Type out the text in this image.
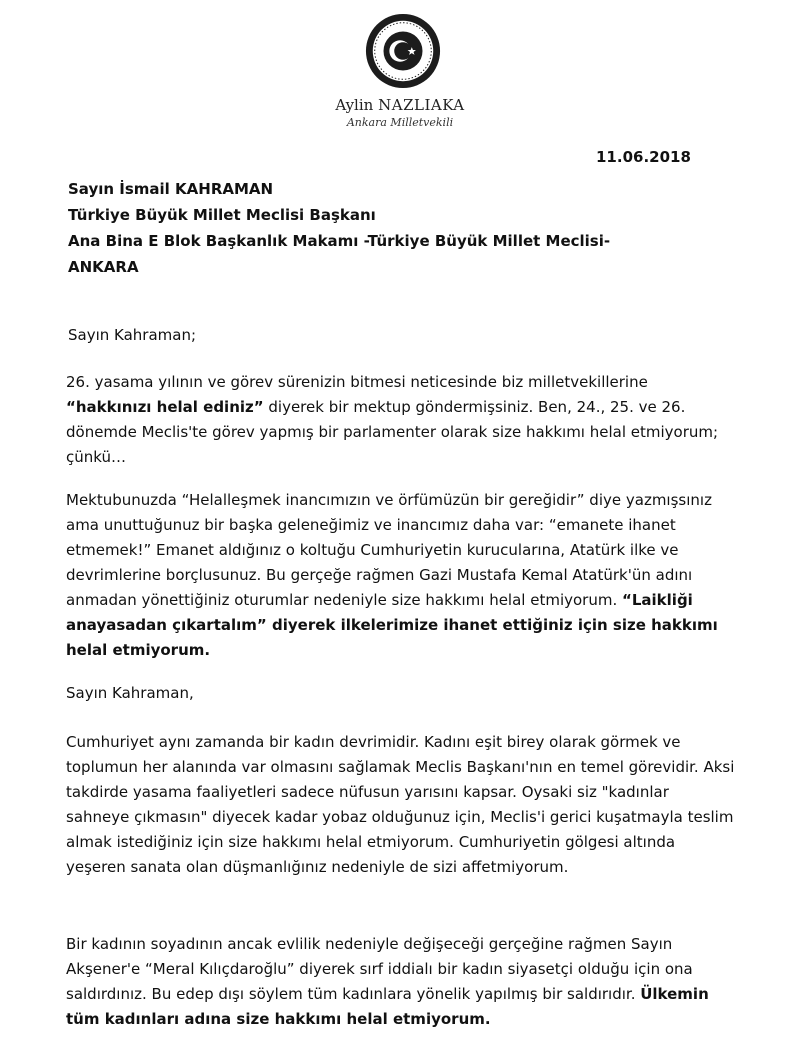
Aylin NAZLIAKA
Ankara Milletvekili
11.06.2018
Sayın İsmail KAHRAMAN
Türkiye Büyük Millet Meclisi Başkanı
Ana Bina E Blok Başkanlık Makamı -Türkiye Büyük Millet Meclisi-
ANKARA
Sayın Kahraman;
26. yasama yılının ve görev sürenizin bitmesi neticesinde biz milletvekillerine
“hakkınızı helal ediniz” diyerek bir mektup göndermişsiniz. Ben, 24., 25. ve 26. dönemde Meclis'te görev yapmış bir parlamenter olarak size hakkımı helal etmiyorum; çünkü…
Mektubunuzda “Helalleşmek inancımızın ve örfümüzün bir gereğidir” diye yazmışsınız ama unuttuğunuz bir başka geleneğimiz ve inancımız daha var: “emanete ihanet etmemek!” Emanet aldığınız o koltuğu Cumhuriyetin kurucularına, Atatürk ilke ve devrimlerine borçlusunuz. Bu gerçeğe rağmen Gazi Mustafa Kemal Atatürk'ün adını anmadan yönettiğiniz oturumlar nedeniyle size hakkımı helal etmiyorum. “Laikliği anayasadan çıkartalım” diyerek ilkelerimize ihanet ettiğiniz için size hakkımı helal etmiyorum.
Sayın Kahraman,
Cumhuriyet aynı zamanda bir kadın devrimidir. Kadını eşit birey olarak görmek ve toplumun her alanında var olmasını sağlamak Meclis Başkanı'nın en temel görevidir. Aksi takdirde yasama faaliyetleri sadece nüfusun yarısını kapsar. Oysaki siz "kadınlar sahneye çıkmasın" diyecek kadar yobaz olduğunuz için, Meclis'i gerici kuşatmayla teslim almak istediğiniz için size hakkımı helal etmiyorum. Cumhuriyetin gölgesi altında yeşeren sanata olan düşmanlığınız nedeniyle de sizi affetmiyorum.
Bir kadının soyadının ancak evlilik nedeniyle değişeceği gerçeğine rağmen Sayın Akşener'e “Meral Kılıçdaroğlu” diyerek sırf iddialı bir kadın siyasetçi olduğu için ona saldırdınız. Bu edep dışı söylem tüm kadınlara yönelik yapılmış bir saldırıdır. Ülkemin tüm kadınları adına size hakkımı helal etmiyorum.
